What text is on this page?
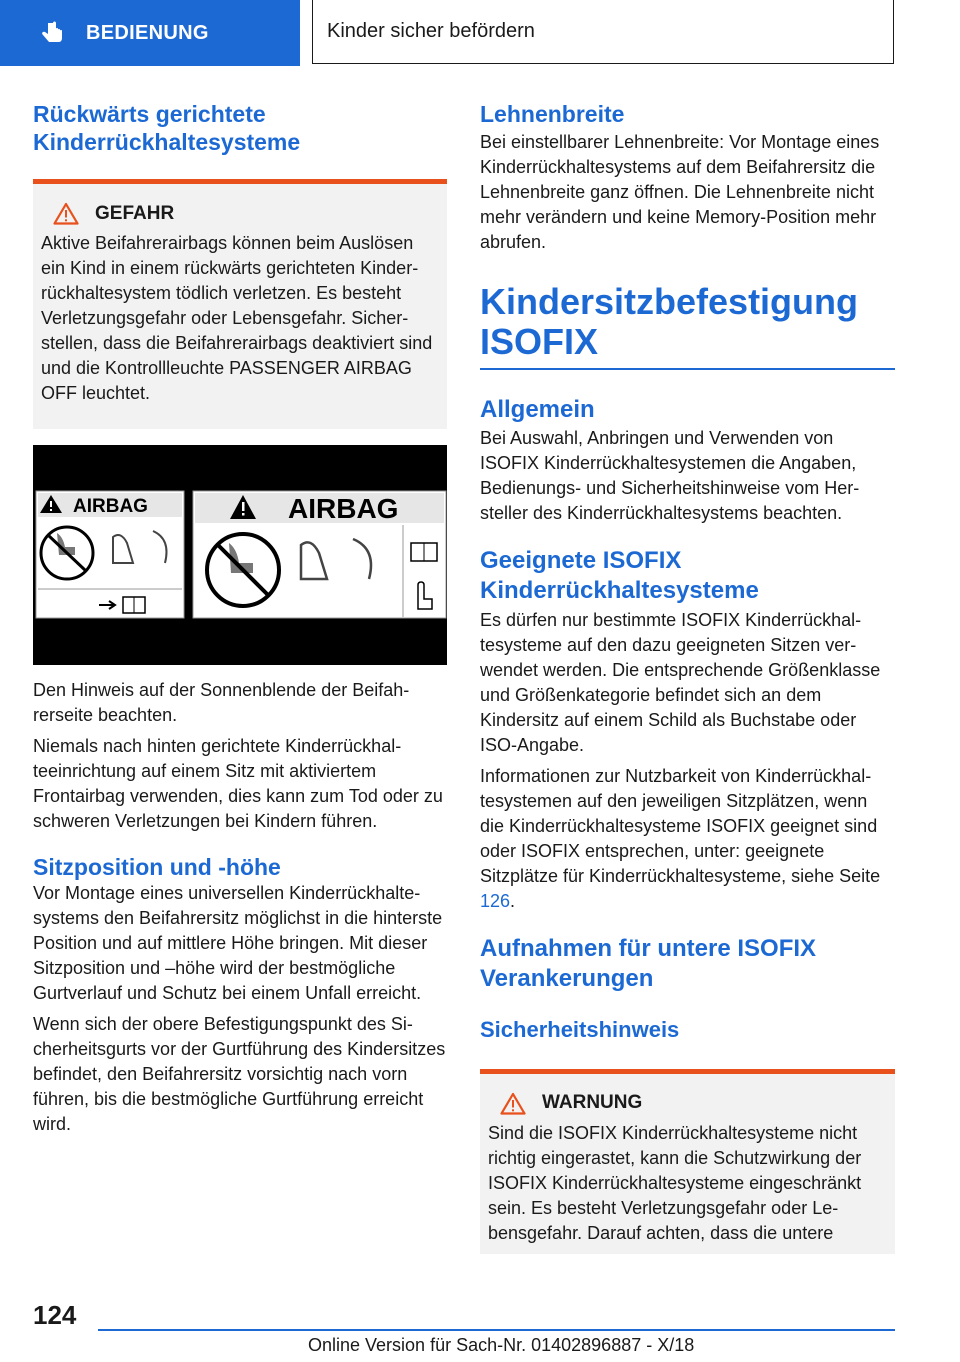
BEDIENUNG	Kinder sicher befördern
Rückwärts gerichtete Kinderrückhaltesysteme
GEFAHR

Aktive Beifahrerairbags können beim Auslösen ein Kind in einem rückwärts gerichteten Kinderrückhaltesystem tödlich verletzen. Es besteht Verletzungsgefahr oder Lebensgefahr. Sicherstellen, dass die Beifahrerairbags deaktiviert sind und die Kontrollleuchte PASSENGER AIRBAG OFF leuchtet.

AIRBAG	AIRBAG

Den Hinweis auf der Sonnenblende der Beifahrerseite beachten.

Niemals nach hinten gerichtete Kinderrückhalteeinrichtung auf einem Sitz mit aktiviertem Frontairbag verwenden, dies kann zum Tod oder zu schweren Verletzungen bei Kindern führen.

Sitzposition und -höhe

Vor Montage eines universellen Kinderrückhaltesystems den Beifahrersitz möglichst in die hinterste Position und auf mittlere Höhe bringen. Mit dieser Sitzposition und –höhe wird der bestmögliche Gurtverlauf und Schutz bei einem Unfall erreicht.

Wenn sich der obere Befestigungspunkt des Sicherheitsgurts vor der Gurtführung des Kindersitzes befindet, den Beifahrersitz vorsichtig nach vorn führen, bis die bestmögliche Gurtführung erreicht wird.

Lehnenbreite

Bei einstellbarer Lehnenbreite: Vor Montage eines Kinderrückhaltesystems auf dem Beifahrersitz die Lehnenbreite ganz öffnen. Die Lehnenbreite nicht mehr verändern und keine Memory-Position mehr abrufen.

Kindersitzbefestigung ISOFIX
Allgemein

Bei Auswahl, Anbringen und Verwenden von ISOFIX Kinderrückhaltesystemen die Angaben, Bedienungs- und Sicherheitshinweise vom Hersteller des Kinderrückhaltesystems beachten.

Geeignete ISOFIX Kinderrückhaltesysteme

Es dürfen nur bestimmte ISOFIX Kinderrückhaltesysteme auf den dazu geeigneten Sitzen verwendet werden. Die entsprechende Größenklasse und Größenkategorie befindet sich an dem Kindersitz auf einem Schild als Buchstabe oder ISO-Angabe.

Informationen zur Nutzbarkeit von Kinderrückhaltesystemen auf den jeweiligen Sitzplätzen, wenn die Kinderrückhaltesysteme ISOFIX geeignet sind oder ISOFIX entsprechen, unter: geeignete Sitzplätze für Kinderrückhaltesysteme, siehe Seite 126.

Aufnahmen für untere ISOFIX Verankerungen
Sicherheitshinweis
WARNUNG

Sind die ISOFIX Kinderrückhaltesysteme nicht richtig eingerastet, kann die Schutzwirkung der ISOFIX Kinderrückhaltesysteme eingeschränkt sein. Es besteht Verletzungsgefahr oder Lebensgefahr. Darauf achten, dass die untere

124
Online Version für Sach-Nr. 01402896887 - X/18
